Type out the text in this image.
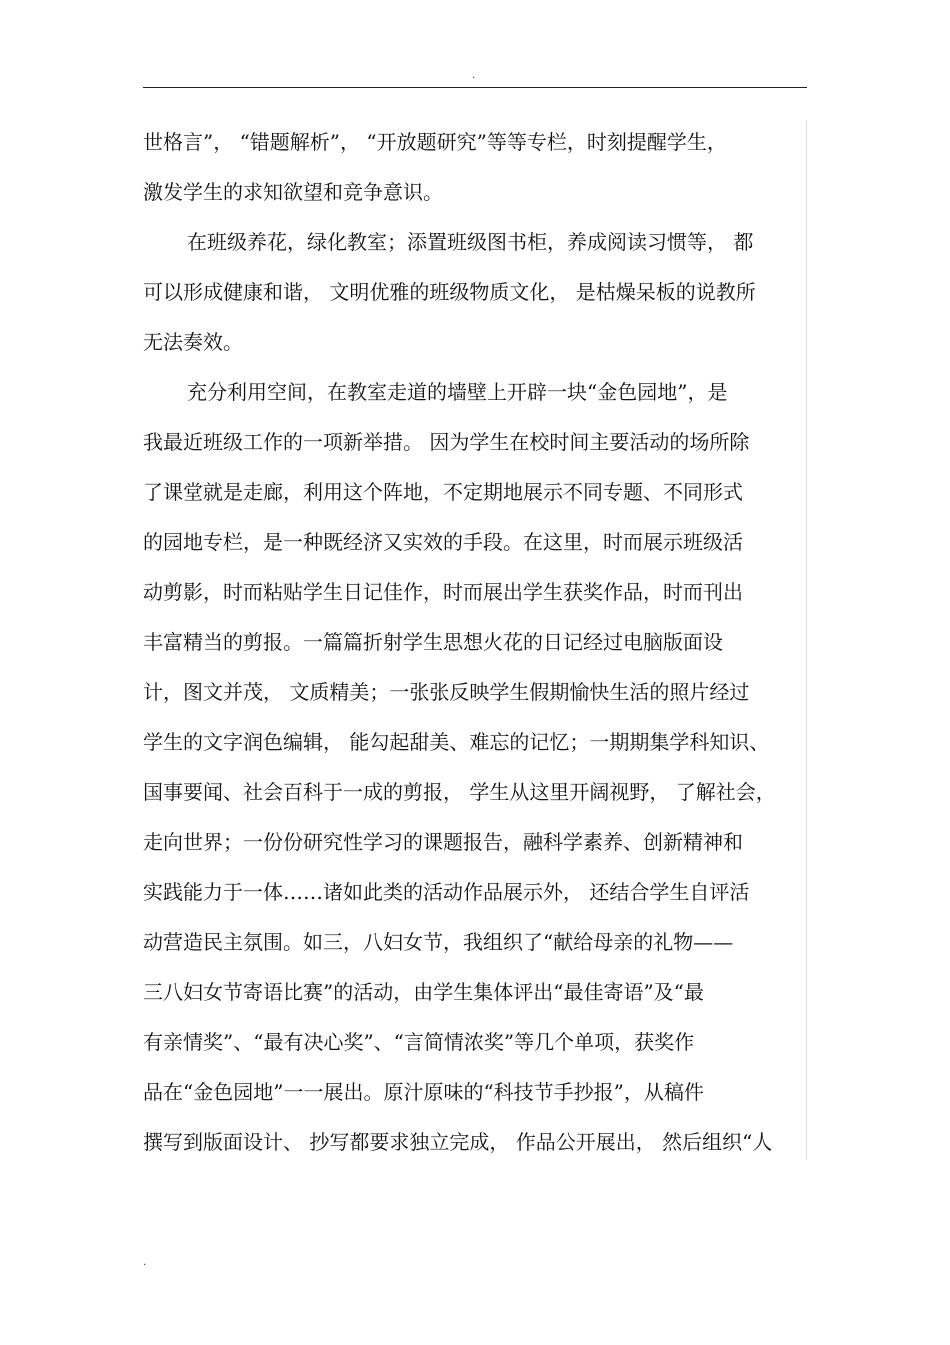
.
世格言”， “错题解析”， “开放题研究”等等专栏，时刻提醒学生，
激发学生的求知欲望和竞争意识。
在班级养花，绿化教室；添置班级图书柜，养成阅读习惯等， 都
可以形成健康和谐， 文明优雅的班级物质文化， 是枯燥呆板的说教所
无法奏效。
充分利用空间，在教室走道的墙壁上开辟一块“金色园地”，是
我最近班级工作的一项新举措。 因为学生在校时间主要活动的场所除
了课堂就是走廊，利用这个阵地，不定期地展示不同专题、不同形式
的园地专栏，是一种既经济又实效的手段。在这里，时而展示班级活
动剪影，时而粘贴学生日记佳作，时而展出学生获奖作品，时而刊出
丰富精当的剪报。一篇篇折射学生思想火花的日记经过电脑版面设
计，图文并茂， 文质精美；一张张反映学生假期愉快生活的照片经过
学生的文字润色编辑， 能勾起甜美、难忘的记忆；一期期集学科知识、
国事要闻、社会百科于一成的剪报， 学生从这里开阔视野， 了解社会，
走向世界；一份份研究性学习的课题报告，融科学素养、创新精神和
实践能力于一体……诸如此类的活动作品展示外， 还结合学生自评活
动营造民主氛围。如三，八妇女节，我组织了“献给母亲的礼物——
三八妇女节寄语比赛”的活动，由学生集体评出“最佳寄语”及“最
有亲情奖”、“最有决心奖”、“言简情浓奖”等几个单项，获奖作
品在“金色园地”一一展出。原汁原味的“科技节手抄报”，从稿件
撰写到版面设计、 抄写都要求独立完成， 作品公开展出， 然后组织“人
.
